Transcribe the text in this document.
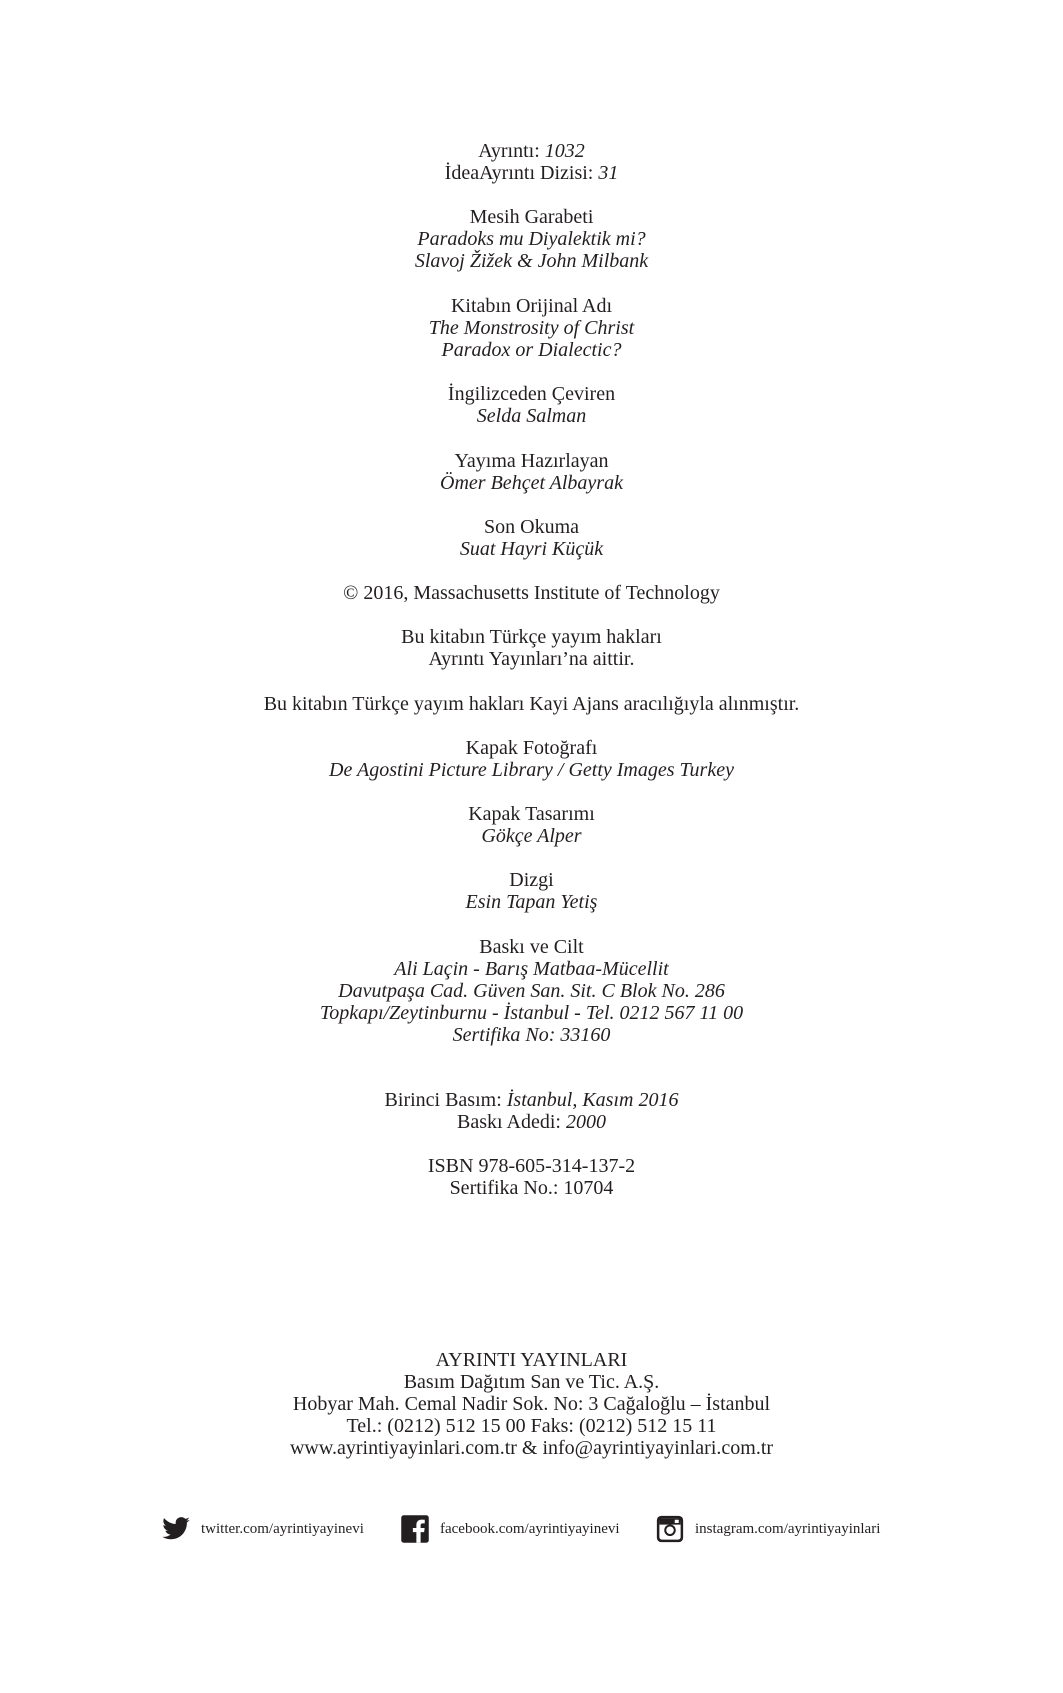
Ayrıntı: 1032
İdeaAyrıntı Dizisi: 31
Mesih Garabeti
Paradoks mu Diyalektik mi?
Slavoj Žižek & John Milbank
Kitabın Orijinal Adı
The Monstrosity of Christ
Paradox or Dialectic?
İngilizceden Çeviren
Selda Salman
Yayıma Hazırlayan
Ömer Behçet Albayrak
Son Okuma
Suat Hayri Küçük
© 2016, Massachusetts Institute of Technology
Bu kitabın Türkçe yayım hakları
Ayrıntı Yayınları’na aittir.
Bu kitabın Türkçe yayım hakları Kayi Ajans aracılığıyla alınmıştır.
Kapak Fotoğrafı
De Agostini Picture Library / Getty Images Turkey
Kapak Tasarımı
Gökçe Alper
Dizgi
Esin Tapan Yetiş
Baskı ve Cilt
Ali Laçin - Barış Matbaa-Mücellit
Davutpaşa Cad. Güven San. Sit. C Blok No. 286
Topkapı/Zeytinburnu - İstanbul - Tel. 0212 567 11 00
Sertifika No: 33160
Birinci Basım: İstanbul, Kasım 2016
Baskı Adedi: 2000
ISBN 978-605-314-137-2
Sertifika No.: 10704
AYRINTI YAYINLARI
Basım Dağıtım San ve Tic. A.Ş.
Hobyar Mah. Cemal Nadir Sok. No: 3 Cağaloğlu – İstanbul
Tel.: (0212) 512 15 00 Faks: (0212) 512 15 11
www.ayrintiyayinlari.com.tr & info@ayrintiyayinlari.com.tr
twitter.com/ayrintiyayinevi	facebook.com/ayrintiyayinevi	instagram.com/ayrintiyayinlari
